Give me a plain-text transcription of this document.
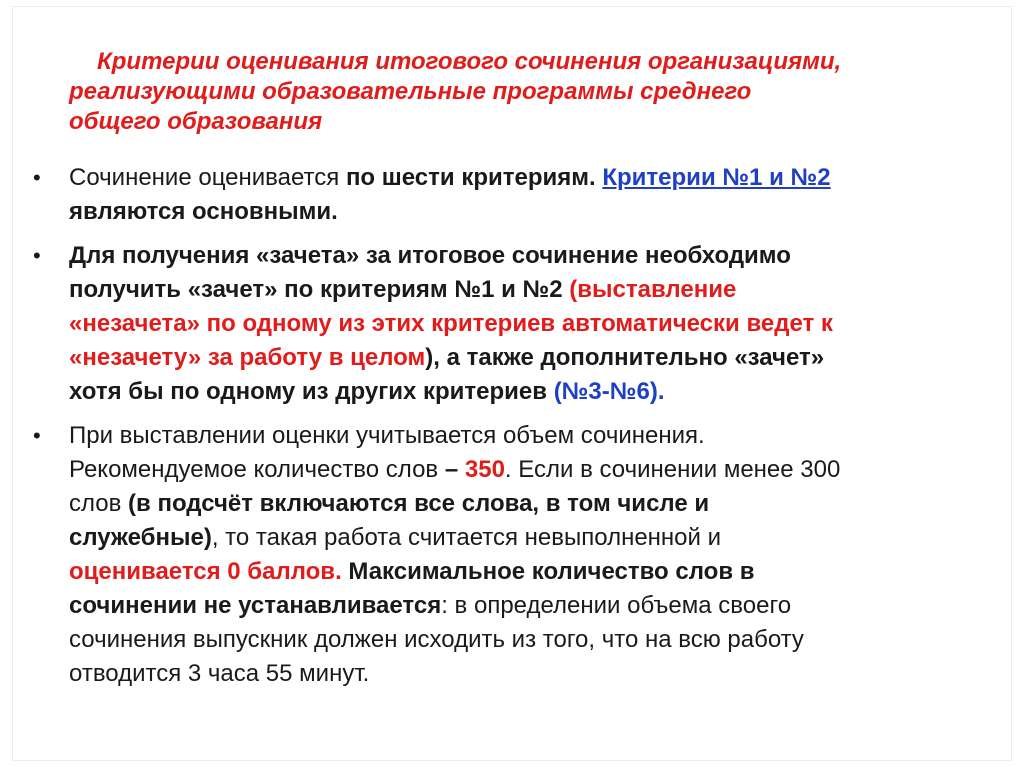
Критерии оценивания итогового сочинения организациями,
реализующими образовательные программы среднего
общего образования
• Сочинение оценивается по шести критериям. Критерии №1 и №2
являются основными.
• Для получения «зачета» за итоговое сочинение необходимо
получить «зачет» по критериям №1 и №2 (выставление
«незачета» по одному из этих критериев автоматически ведет к
«незачету» за работу в целом), а также дополнительно «зачет»
хотя бы по одному из других критериев (№3-№6).
• При выставлении оценки учитывается объем сочинения.
Рекомендуемое количество слов – 350. Если в сочинении менее 300
слов (в подсчёт включаются все слова, в том числе и
служебные), то такая работа считается невыполненной и
оценивается 0 баллов. Максимальное количество слов в
сочинении не устанавливается: в определении объема своего
сочинения выпускник должен исходить из того, что на всю работу
отводится 3 часа 55 минут.
